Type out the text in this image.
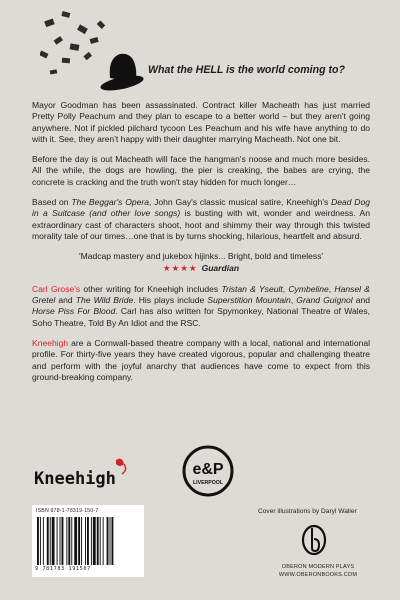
What the HELL is the world coming to?

Mayor Goodman has been assassinated. Contract killer Macheath has just married Pretty Polly Peachum and they plan to escape to a better world – but they aren't going anywhere. Not if pickled pilchard tycoon Les Peachum and his wife have anything to do with it. See, they aren't happy with their daughter marrying Macheath. Not one bit.

Before the day is out Macheath will face the hangman's noose and much more besides. All the while, the dogs are howling, the pier is creaking, the babes are crying, the concrete is cracking and the truth won't stay hidden for much longer…

Based on The Beggar's Opera, John Gay's classic musical satire, Kneehigh's Dead Dog in a Suitcase (and other love songs) is busting with wit, wonder and weirdness. An extraordinary cast of characters shoot, hoot and shimmy their way through this twisted morality tale of our times…one that is by turns shocking, hilarious, heartfelt and absurd.

'Madcap mastery and jukebox hijinks... Bright, bold and timeless'
★★★★ Guardian

Carl Grose's other writing for Kneehigh includes Tristan & Yseult, Cymbeline, Hansel & Gretel and The Wild Bride. His plays include Superstition Mountain, Grand Guignol and Horse Piss For Blood. Carl has also written for Spymonkey, National Theatre of Wales, Soho Theatre, Told By An Idiot and the RSC.

Kneehigh are a Cornwall-based theatre company with a local, national and international profile. For thirty-five years they have created vigorous, popular and challenging theatre and perform with the joyful anarchy that audiences have come to expect from this ground-breaking company.

Kneehigh	e&P
LIVERPOOL
ISBN 978-1-78319-150-7
9 781783 191507
Cover illustrations by Daryl Waller
OBERON MODERN PLAYS
WWW.OBERONBOOKS.COM
